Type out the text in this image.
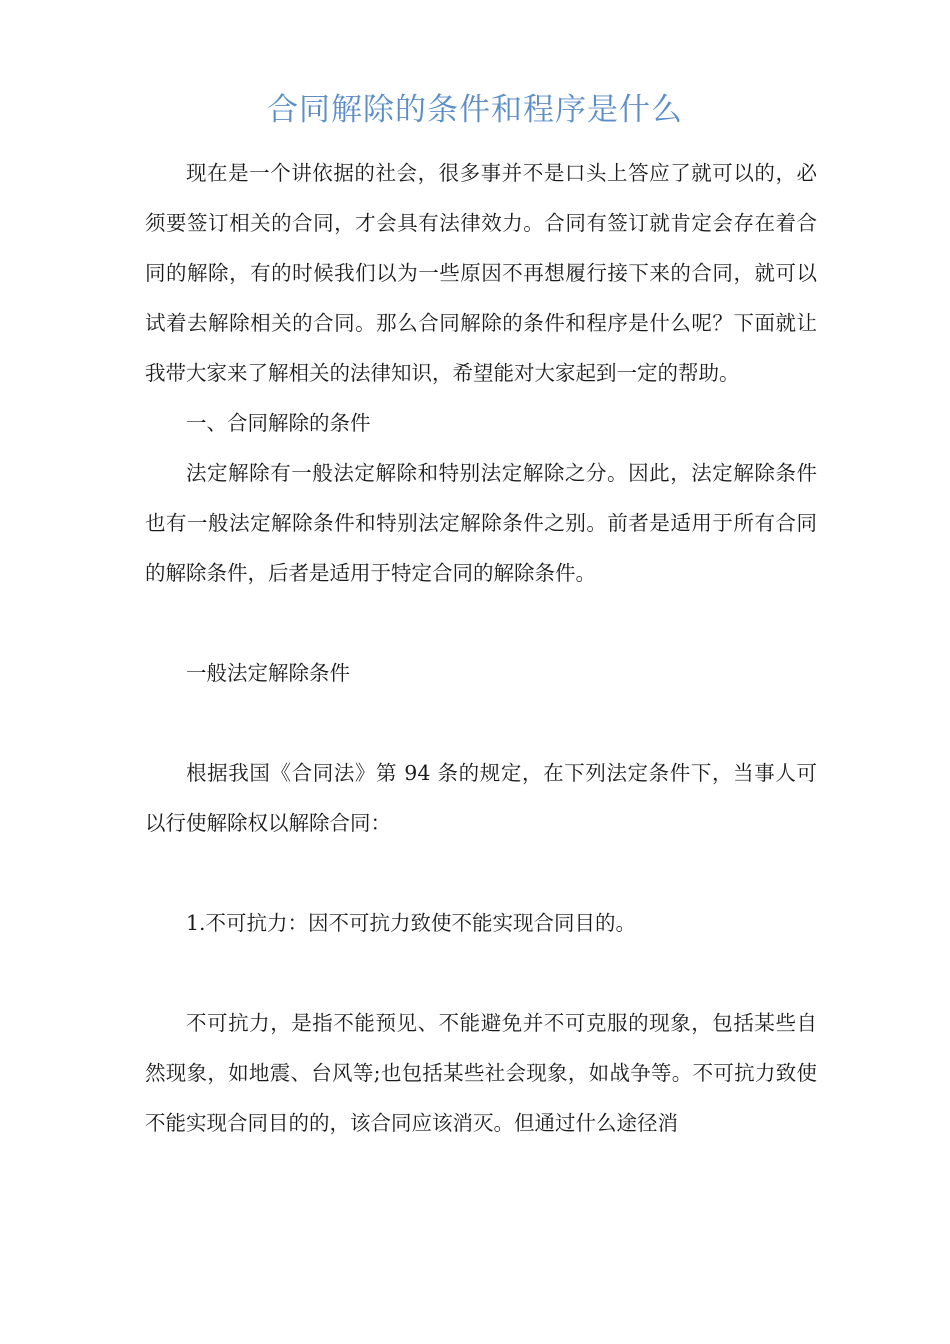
合同解除的条件和程序是什么

现在是一个讲依据的社会，很多事并不是口头上答应了就可以的，必须要签订相关的合同，才会具有法律效力。合同有签订就肯定会存在着合同的解除，有的时候我们以为一些原因不再想履行接下来的合同，就可以试着去解除相关的合同。那么合同解除的条件和程序是什么呢？下面就让我带大家来了解相关的法律知识，希望能对大家起到一定的帮助。

一、合同解除的条件

法定解除有一般法定解除和特别法定解除之分。因此，法定解除条件也有一般法定解除条件和特别法定解除条件之别。前者是适用于所有合同的解除条件，后者是适用于特定合同的解除条件。

一般法定解除条件

根据我国《合同法》第 94 条的规定，在下列法定条件下，当事人可以行使解除权以解除合同：

1.不可抗力：因不可抗力致使不能实现合同目的。

不可抗力，是指不能预见、不能避免并不可克服的现象，包括某些自然现象，如地震、台风等;也包括某些社会现象，如战争等。不可抗力致使不能实现合同目的的，该合同应该消灭。但通过什么途径消
